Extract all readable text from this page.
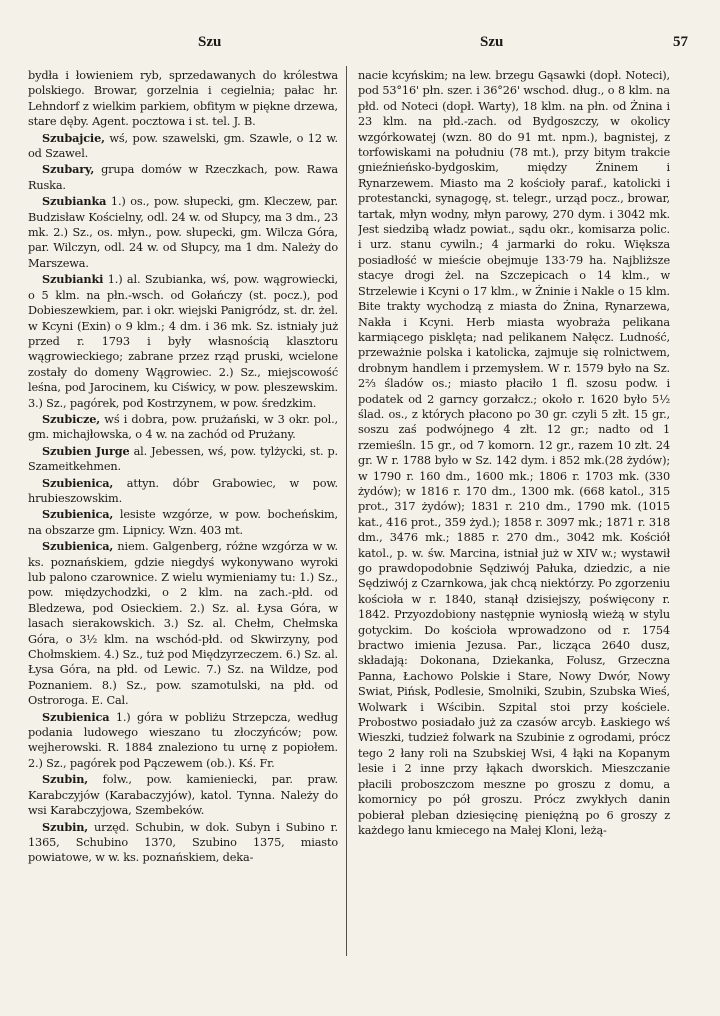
Szu	Szu	57

bydła i łowieniem ryb, sprzedawanych do królestwa polskiego. Browar, gorzelnia i cegielnia; pałac hr. Lehndorf z wielkim parkiem, obfitym w piękne drzewa, stare dęby. Agent. pocztowa i st. tel. J. B.

Szubajcie, wś, pow. szawelski, gm. Szawle, o 12 w. od Szawel.

Szubary, grupa domów w Rzeczkach, pow. Rawa Ruska.

Szubianka 1.) os., pow. słupecki, gm. Kleczew, par. Budzisław Kościelny, odl. 24 w. od Słupcy, ma 3 dm., 23 mk. 2.) Sz., os. młyn., pow. słupecki, gm. Wilcza Góra, par. Wilczyn, odl. 24 w. od Słupcy, ma 1 dm. Należy do Marszewa.

Szubianki 1.) al. Szubianka, wś, pow. wągrowiecki, o 5 klm. na płn.-wsch. od Gołańczy (st. pocz.), pod Dobieszewkiem, par. i okr. wiejski Panigródz, st. dr. żel. w Kcyni (Exin) o 9 klm.; 4 dm. i 36 mk. Sz. istniały już przed r. 1793 i były własnością klasztoru wągrowieckiego; zabrane przez rząd pruski, wcielone zostały do domeny Wągrowiec. 2.) Sz., miejscowość leśna, pod Jarocinem, ku Ciświcy, w pow. pleszewskim. 3.) Sz., pagórek, pod Kostrzynem, w pow. średzkim.

Szubicze, wś i dobra, pow. prużański, w 3 okr. pol., gm. michajłowska, o 4 w. na zachód od Prużany.

Szubien Jurge al. Jebessen, wś, pow. tylżycki, st. p. Szameitkehmen.

Szubienica, attyn. dóbr Grabowiec, w pow. hrubieszowskim.

Szubienica, lesiste wzgórze, w pow. bocheńskim, na obszarze gm. Lipnicy. Wzn. 403 mt.

Szubienica, niem. Galgenberg, różne wzgórza w w. ks. poznańskiem, gdzie niegdyś wykonywano wyroki lub palono czarownice. Z wielu wymieniamy tu: 1.) Sz., pow. międzychodzki, o 2 klm. na zach.-płd. od Bledzewa, pod Osieckiem. 2.) Sz. al. Łysa Góra, w lasach sierakowskich. 3.) Sz. al. Chełm, Chełmska Góra, o 3½ klm. na wschód-płd. od Skwirzyny, pod Chołmskiem. 4.) Sz., tuż pod Międzyrzeczem. 6.) Sz. al. Łysa Góra, na płd. od Lewic. 7.) Sz. na Wildze, pod Poznaniem. 8.) Sz., pow. szamotulski, na płd. od Ostroroga. E. Cal.

Szubienica 1.) góra w pobliżu Strzepcza, według podania ludowego wieszano tu złoczyńców; pow. wejherowski. R. 1884 znaleziono tu urnę z popiołem. 2.) Sz., pagórek pod Pączewem (ob.). Kś. Fr.

Szubin, folw., pow. kamieniecki, par. praw. Karabczyjów (Karabaczyjów), katol. Tynna. Należy do wsi Karabczyjowa, Szembeków.

Szubin, urzęd. Schubin, w dok. Subyn i Subino r. 1365, Schubino 1370, Szubino 1375, miasto powiatowe, w w. ks. poznańskiem, deka-

nacie kcyńskim; na lew. brzegu Gąsawki (dopł. Noteci), pod 53°16' płn. szer. i 36°26' wschod. dług., o 8 klm. na płd. od Noteci (dopł. Warty), 18 klm. na płn. od Żnina i 23 klm. na płd.-zach. od Bydgoszczy, w okolicy wzgórkowatej (wzn. 80 do 91 mt. npm.), bagnistej, z torfowiskami na południu (78 mt.), przy bitym trakcie gnieźnieńsko-bydgoskim, między Żninem i Rynarzewem. Miasto ma 2 kościoły paraf., katolicki i protestancki, synagogę, st. telegr., urząd pocz., browar, tartak, młyn wodny, młyn parowy, 270 dym. i 3042 mk. Jest siedzibą władz powiat., sądu okr., komisarza polic. i urz. stanu cywiln.; 4 jarmarki do roku. Większa posiadłość w mieście obejmuje 133·79 ha. Najbliższe stacye drogi żel. na Szczepicach o 14 klm., w Strzelewie i Kcyni o 17 klm., w Żninie i Nakle o 15 klm. Bite trakty wychodzą z miasta do Żnina, Rynarzewa, Nakła i Kcyni. Herb miasta wyobraża pelikana karmiącego pisklęta; nad pelikanem Nałęcz. Ludność, przeważnie polska i katolicka, zajmuje się rolnictwem, drobnym handlem i przemysłem. W r. 1579 było na Sz. 2⅔ śladów os.; miasto płaciło 1 fl. szosu podw. i podatek od 2 garncy gorzałcz.; około r. 1620 było 5½ ślad. os., z których płacono po 30 gr. czyli 5 złt. 15 gr., soszu zaś podwójnego 4 złt. 12 gr.; nadto od 1 rzemieśln. 15 gr., od 7 komorn. 12 gr., razem 10 złt. 24 gr. W r. 1788 było w Sz. 142 dym. i 852 mk.(28 żydów); w 1790 r. 160 dm., 1600 mk.; 1806 r. 1703 mk. (330 żydów); w 1816 r. 170 dm., 1300 mk. (668 katol., 315 prot., 317 żydów); 1831 r. 210 dm., 1790 mk. (1015 kat., 416 prot., 359 żyd.); 1858 r. 3097 mk.; 1871 r. 318 dm., 3476 mk.; 1885 r. 270 dm., 3042 mk. Kościół katol., p. w. św. Marcina, istniał już w XIV w.; wystawił go prawdopodobnie Sędziwój Pałuka, dziedzic, a nie Sędziwój z Czarnkowa, jak chcą niektórzy. Po zgorzeniu kościoła w r. 1840, stanął dzisiejszy, poświęcony r. 1842. Przyozdobiony następnie wyniosłą wieżą w stylu gotyckim. Do kościoła wprowadzono od r. 1754 bractwo imienia Jezusa. Par., licząca 2640 dusz, składają: Dokonana, Dziekanka, Folusz, Grzeczna Panna, Łachowo Polskie i Stare, Nowy Dwór, Nowy Swiat, Pińsk, Podlesie, Smolniki, Szubin, Szubska Wieś, Wolwark i Wścibin. Szpital stoi przy kościele. Probostwo posiadało już za czasów arcyb. Łaskiego wś Wieszki, tudzież folwark na Szubinie z ogrodami, prócz tego 2 łany roli na Szubskiej Wsi, 4 łąki na Kopanym lesie i 2 inne przy łąkach dworskich. Mieszczanie płacili proboszczom meszne po groszu z domu, a komornicy po pół groszu. Prócz zwykłych danin pobierał pleban dziesięcinę pieniężną po 6 groszy z każdego łanu kmiecego na Małej Kloni, leżą-
